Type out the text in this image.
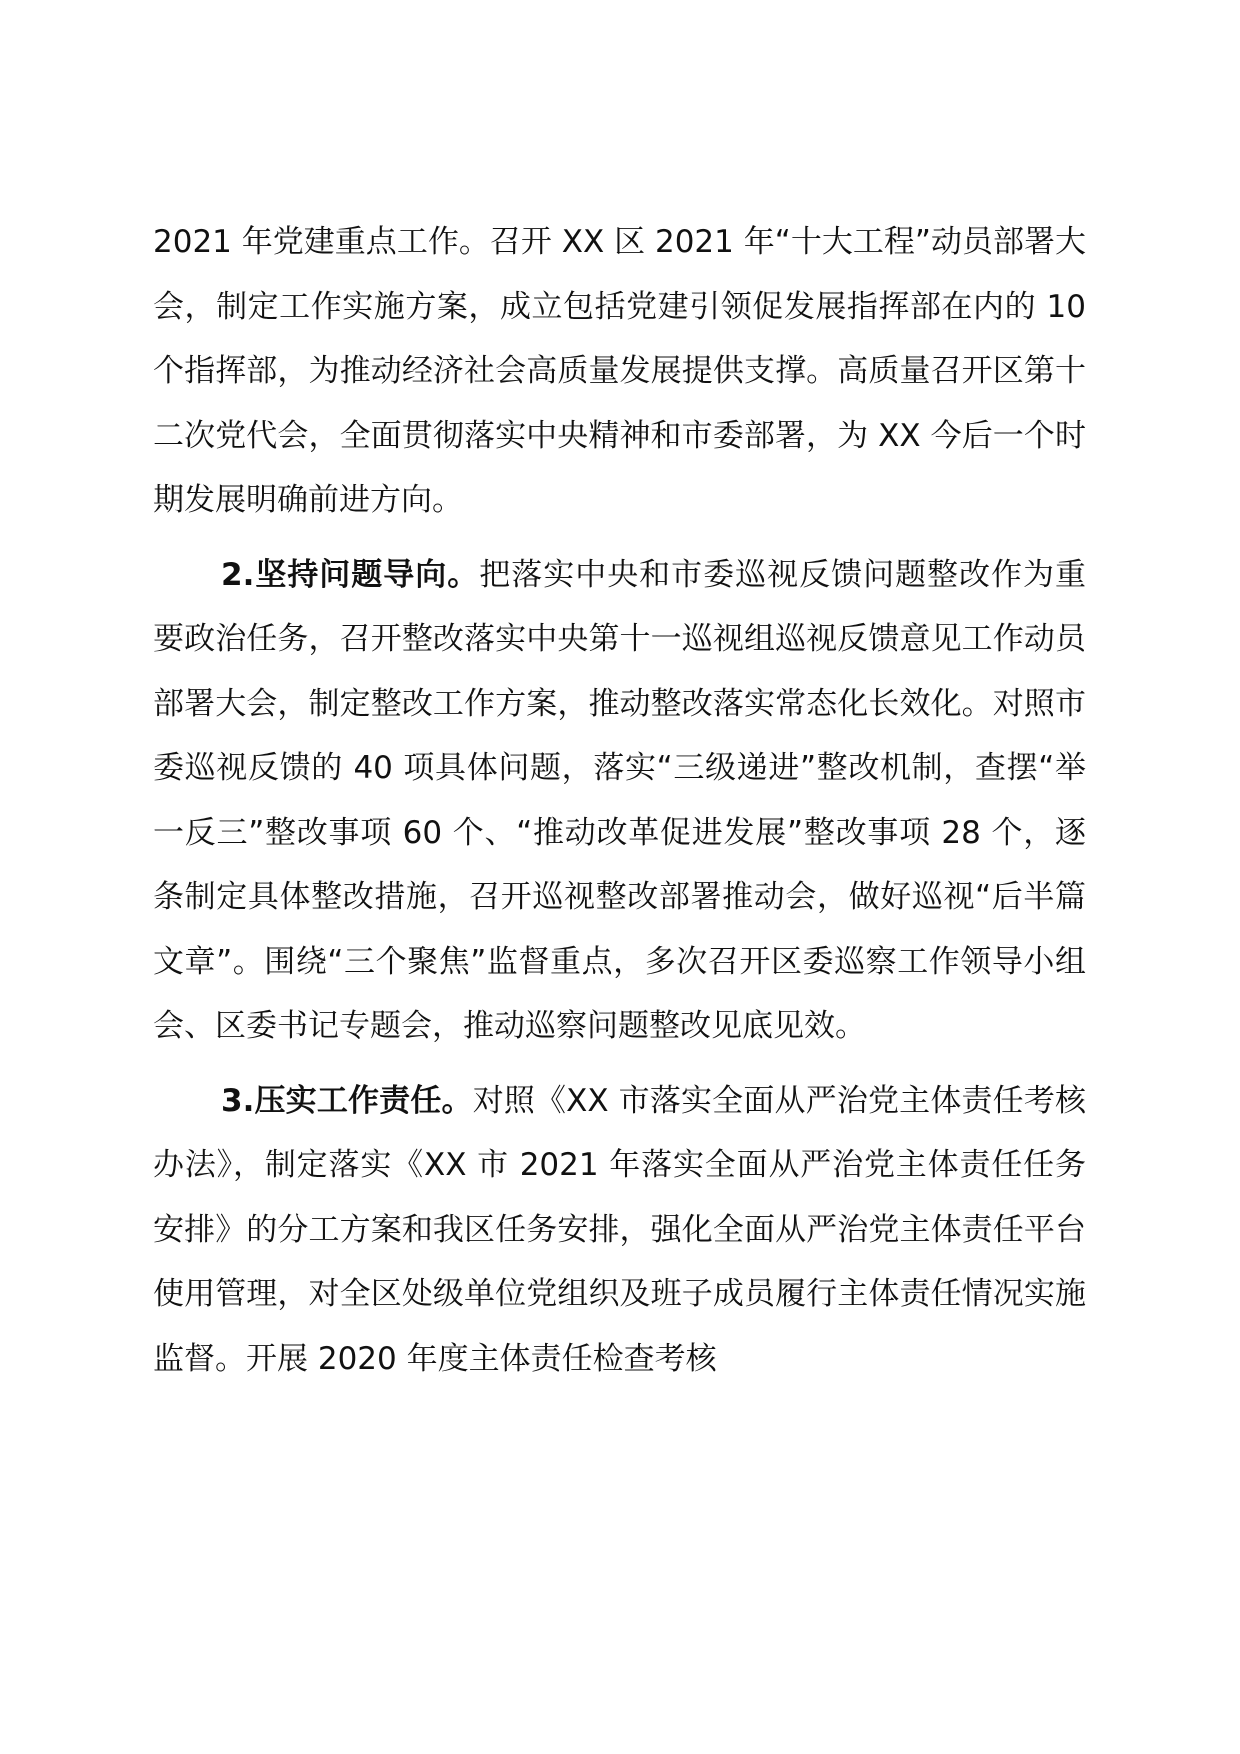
2021 年党建重点工作。召开 XX 区 2021 年“十大工程”动员部署大会，制定工作实施方案，成立包括党建引领促发展指挥部在内的 10 个指挥部，为推动经济社会高质量发展提供支撑。高质量召开区第十二次党代会，全面贯彻落实中央精神和市委部署，为 XX 今后一个时期发展明确前进方向。

2.坚持问题导向。把落实中央和市委巡视反馈问题整改作为重要政治任务，召开整改落实中央第十一巡视组巡视反馈意见工作动员部署大会，制定整改工作方案，推动整改落实常态化长效化。对照市委巡视反馈的 40 项具体问题，落实“三级递进”整改机制，查摆“举一反三”整改事项 60 个、“推动改革促进发展”整改事项 28 个，逐条制定具体整改措施，召开巡视整改部署推动会，做好巡视“后半篇文章”。围绕“三个聚焦”监督重点，多次召开区委巡察工作领导小组会、区委书记专题会，推动巡察问题整改见底见效。

3.压实工作责任。对照《XX 市落实全面从严治党主体责任考核办法》，制定落实《XX 市 2021 年落实全面从严治党主体责任任务安排》的分工方案和我区任务安排，强化全面从严治党主体责任平台使用管理，对全区处级单位党组织及班子成员履行主体责任情况实施监督。开展 2020 年度主体责任检查考核
